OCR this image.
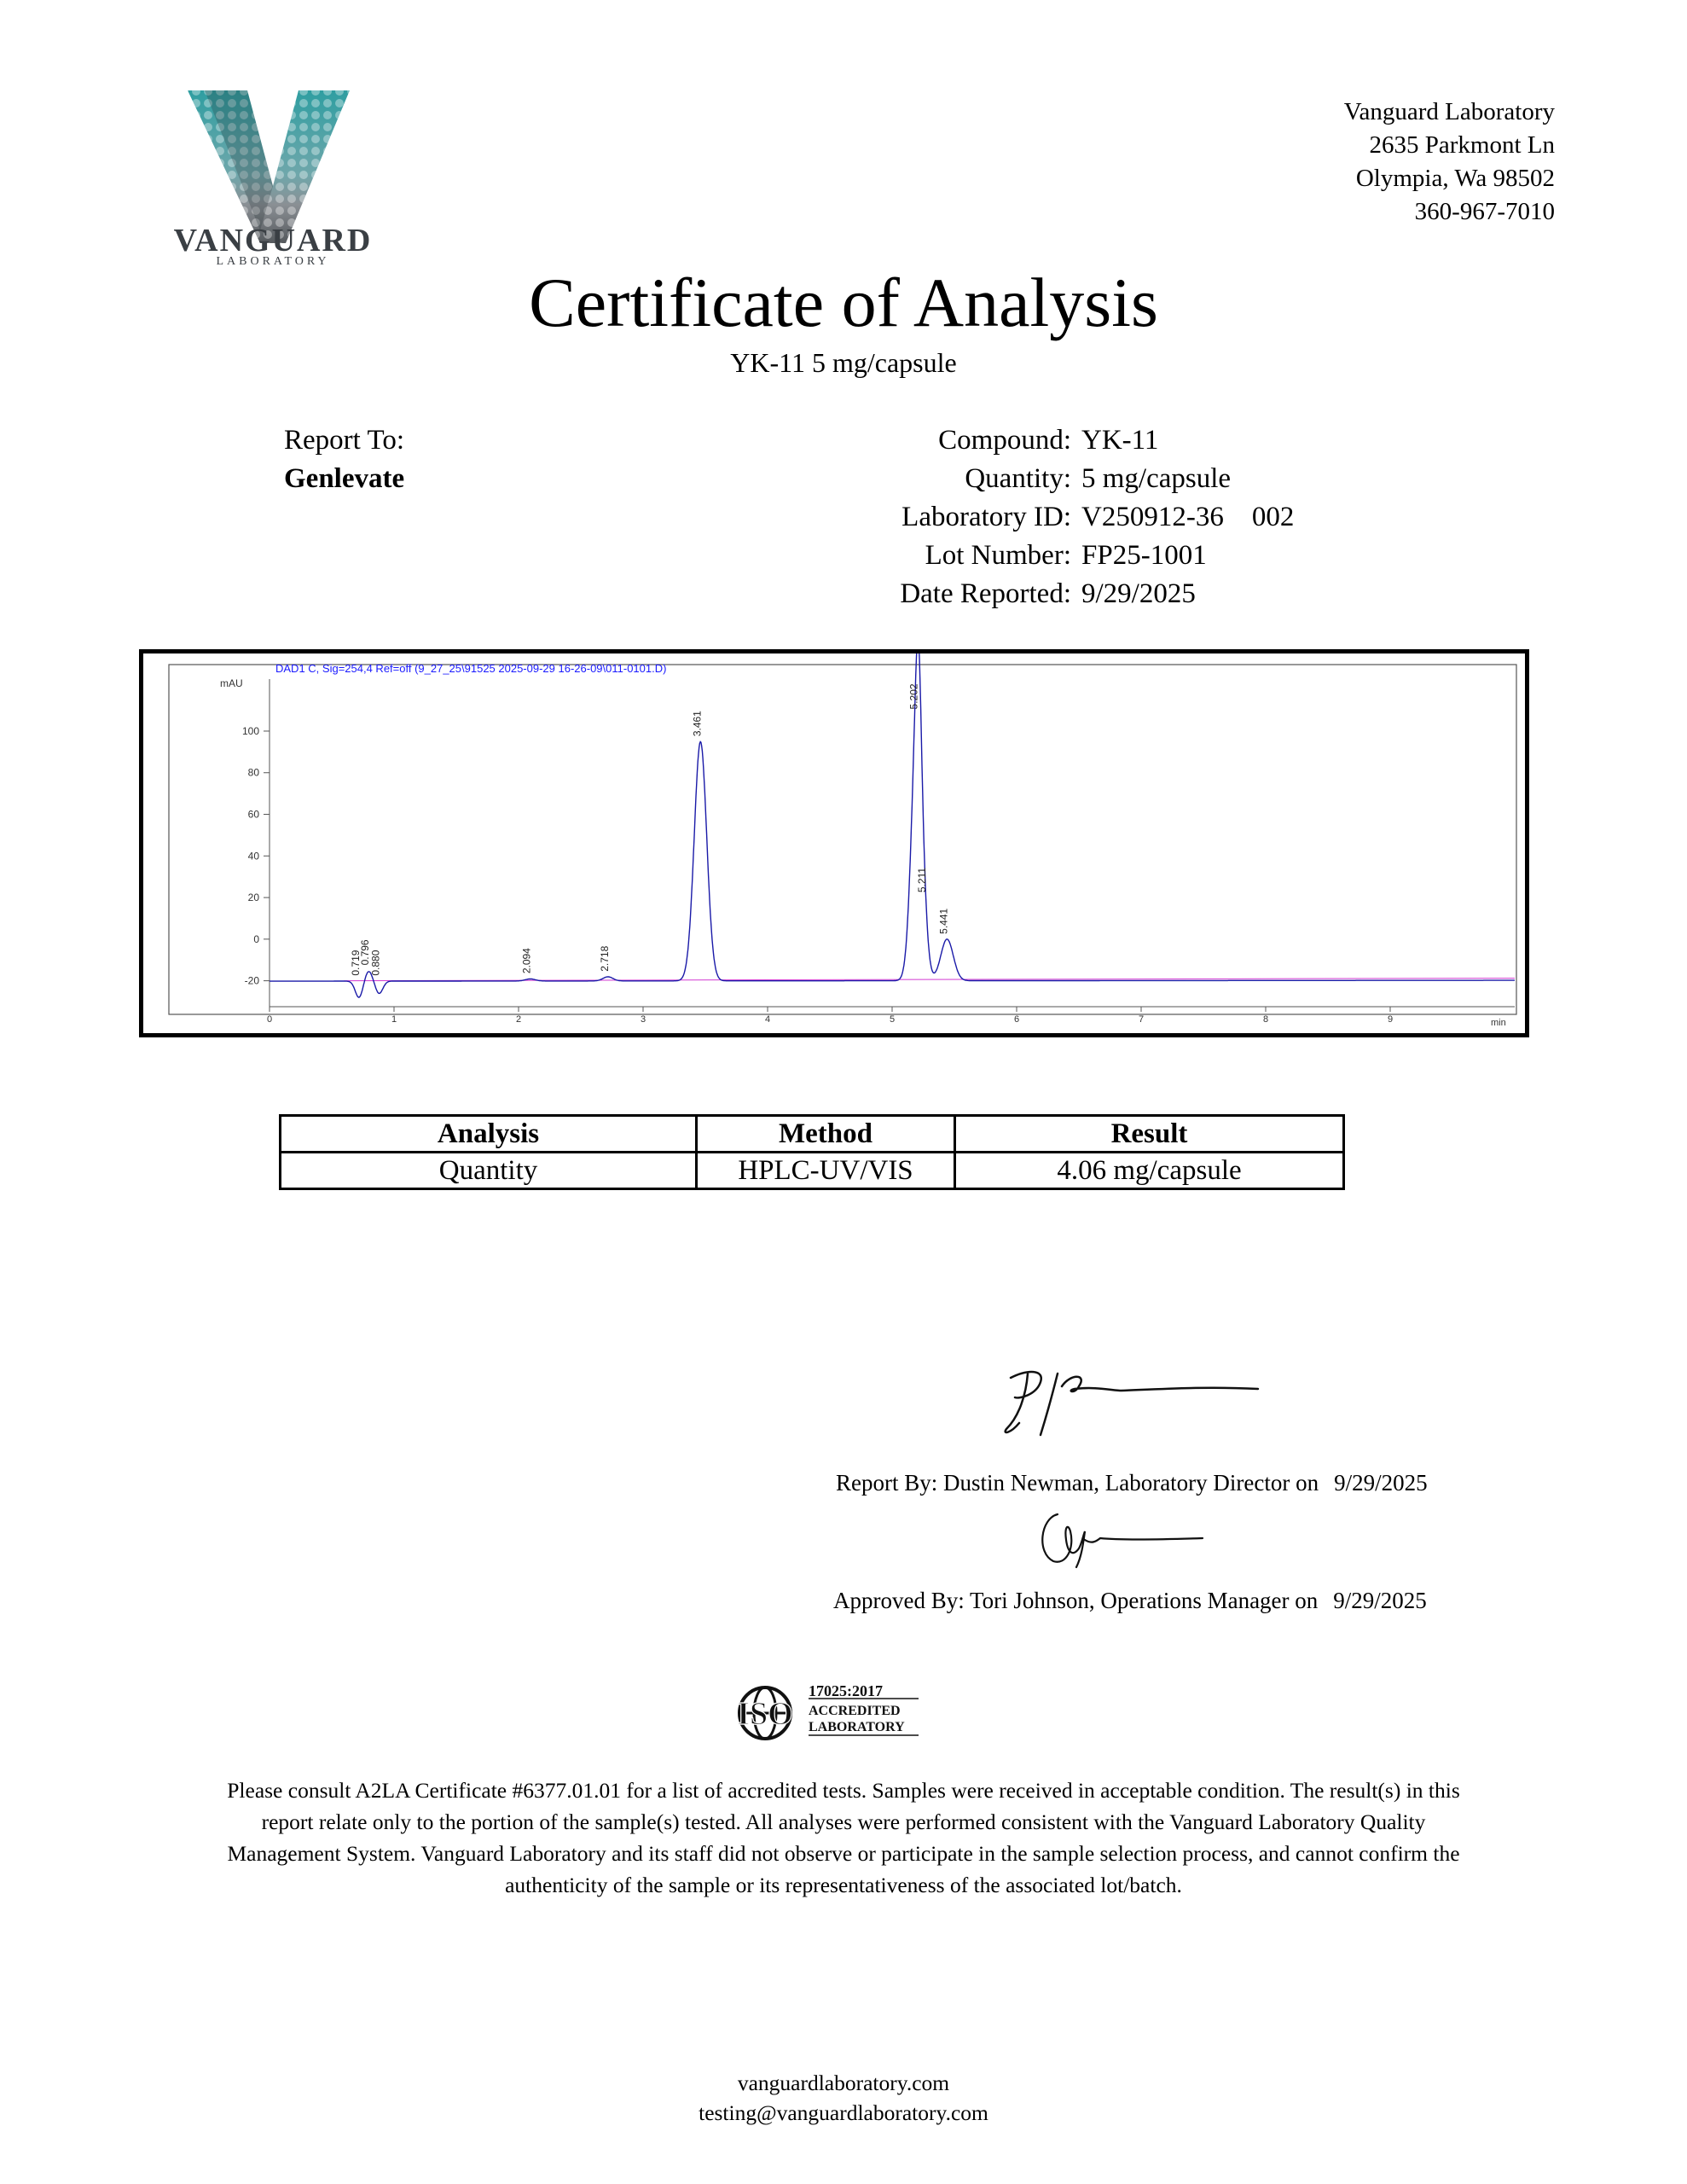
VANGUARD
LABORATORY
Vanguard Laboratory
2635 Parkmont Ln
Olympia, Wa 98502
360-967-7010
Certificate of Analysis
YK-11 5 mg/capsule
Report To:
Genlevate
Compound: YK-11
Quantity: 5 mg/capsule
Laboratory ID: V250912-36    002
Lot Number: FP25-1001
Date Reported: 9/29/2025
DAD1 C, Sig=254,4 Ref=off (9_27_25\91525 2025-09-29 16-26-09\011-0101.D)
mAU
min
-20
0
20
40
60
80
100
0	1	2	3	4	5	6	7	8	9
0.719
0.796
0.880	2.094	2.718
3.461
5.202
5.211
5.441
Analysis	Method	Result
Quantity	HPLC-UV/VIS	4.06 mg/capsule
Report By: Dustin Newman, Laboratory Director on 9/29/2025
Approved By: Tori Johnson, Operations Manager on 9/29/2025
ISO
17025:2017
ACCREDITED
LABORATORY
Please consult A2LA Certificate #6377.01.01 for a list of accredited tests. Samples were received in acceptable condition. The result(s) in this
report relate only to the portion of the sample(s) tested. All analyses were performed consistent with the Vanguard Laboratory Quality
Management System. Vanguard Laboratory and its staff did not observe or participate in the sample selection process, and cannot confirm the
authenticity of the sample or its representativeness of the associated lot/batch.
vanguardlaboratory.com
testing@vanguardlaboratory.com
